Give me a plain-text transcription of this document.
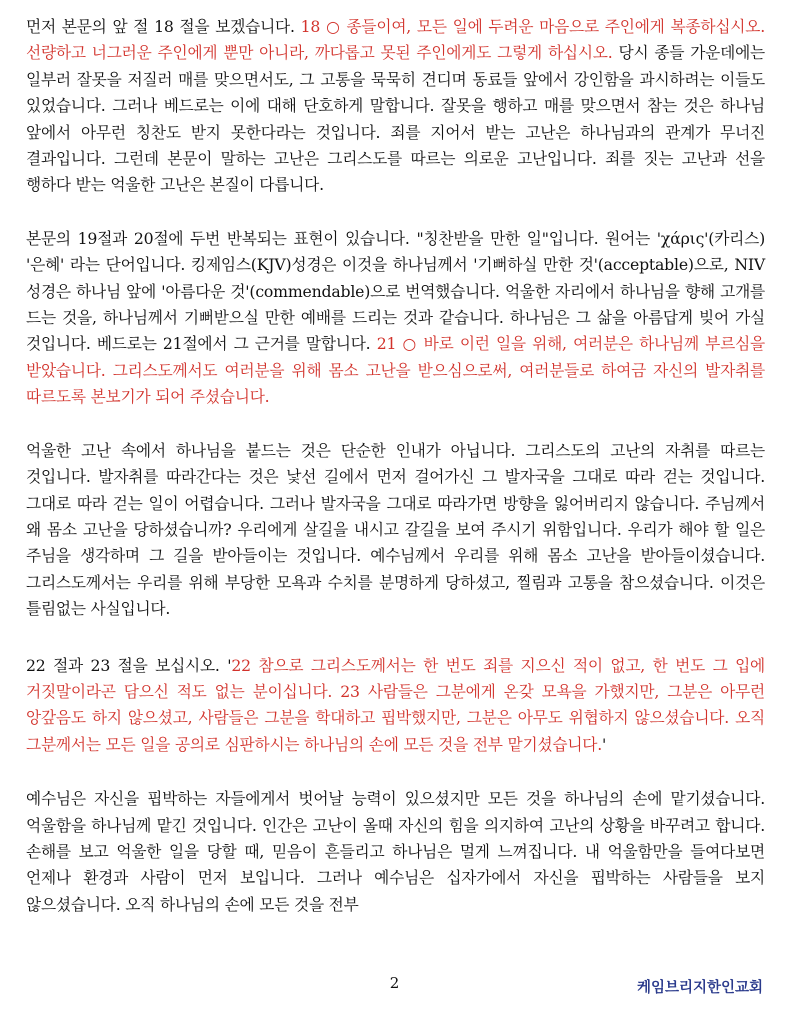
먼저 본문의 앞 절 18 절을 보겠습니다. 18 ○ 종들이여, 모든 일에 두려운 마음으로 주인에게 복종하십시오. 선량하고 너그러운 주인에게 뿐만 아니라, 까다롭고 못된 주인에게도 그렇게 하십시오. 당시 종들 가운데에는 일부러 잘못을 저질러 매를 맞으면서도, 그 고통을 묵묵히 견디며 동료들 앞에서 강인함을 과시하려는 이들도 있었습니다. 그러나 베드로는 이에 대해 단호하게 말합니다. 잘못을 행하고 매를 맞으면서 참는 것은 하나님 앞에서 아무런 칭찬도 받지 못한다라는 것입니다. 죄를 지어서 받는 고난은 하나님과의 관계가 무너진 결과입니다. 그런데 본문이 말하는 고난은 그리스도를 따르는 의로운 고난입니다. 죄를 짓는 고난과 선을 행하다 받는 억울한 고난은 본질이 다릅니다.

본문의 19절과 20절에 두번 반복되는 표현이 있습니다. "칭찬받을 만한 일"입니다. 원어는 'χάρις'(카리스) '은혜' 라는 단어입니다. 킹제임스(KJV)성경은 이것을 하나님께서 '기뻐하실 만한 것'(acceptable)으로, NIV 성경은 하나님 앞에 '아름다운 것'(commendable)으로 번역했습니다. 억울한 자리에서 하나님을 향해 고개를 드는 것을, 하나님께서 기뻐받으실 만한 예배를 드리는 것과 같습니다. 하나님은 그 삶을 아름답게 빚어 가실 것입니다. 베드로는 21절에서 그 근거를 말합니다. 21 ○ 바로 이런 일을 위해, 여러분은 하나님께 부르심을 받았습니다. 그리스도께서도 여러분을 위해 몸소 고난을 받으심으로써, 여러분들로 하여금 자신의 발자취를 따르도록 본보기가 되어 주셨습니다.

억울한 고난 속에서 하나님을 붙드는 것은 단순한 인내가 아닙니다. 그리스도의 고난의 자취를 따르는 것입니다. 발자취를 따라간다는 것은 낯선 길에서 먼저 걸어가신 그 발자국을 그대로 따라 걷는 것입니다. 그대로 따라 걷는 일이 어렵습니다. 그러나 발자국을 그대로 따라가면 방향을 잃어버리지 않습니다. 주님께서 왜 몸소 고난을 당하셨습니까? 우리에게 살길을 내시고 갈길을 보여 주시기 위함입니다. 우리가 해야 할 일은 주님을 생각하며 그 길을 받아들이는 것입니다. 예수님께서 우리를 위해 몸소 고난을 받아들이셨습니다. 그리스도께서는 우리를 위해 부당한 모욕과 수치를 분명하게 당하셨고, 찔림과 고통을 참으셨습니다. 이것은 틀림없는 사실입니다.

22 절과 23 절을 보십시오. '22 참으로 그리스도께서는 한 번도 죄를 지으신 적이 없고, 한 번도 그 입에 거짓말이라곤 담으신 적도 없는 분이십니다. 23 사람들은 그분에게 온갖 모욕을 가했지만, 그분은 아무런 앙갚음도 하지 않으셨고, 사람들은 그분을 학대하고 핍박했지만, 그분은 아무도 위협하지 않으셨습니다. 오직 그분께서는 모든 일을 공의로 심판하시는 하나님의 손에 모든 것을 전부 맡기셨습니다.'

예수님은 자신을 핍박하는 자들에게서 벗어날 능력이 있으셨지만 모든 것을 하나님의 손에 맡기셨습니다. 억울함을 하나님께 맡긴 것입니다. 인간은 고난이 올때 자신의 힘을 의지하여 고난의 상황을 바꾸려고 합니다. 손해를 보고 억울한 일을 당할 때, 믿음이 흔들리고 하나님은 멀게 느껴집니다. 내 억울함만을 들여다보면 언제나 환경과 사람이 먼저 보입니다. 그러나 예수님은 십자가에서 자신을 핍박하는 사람들을 보지 않으셨습니다. 오직 하나님의 손에 모든 것을 전부

2	케임브리지한인교회
